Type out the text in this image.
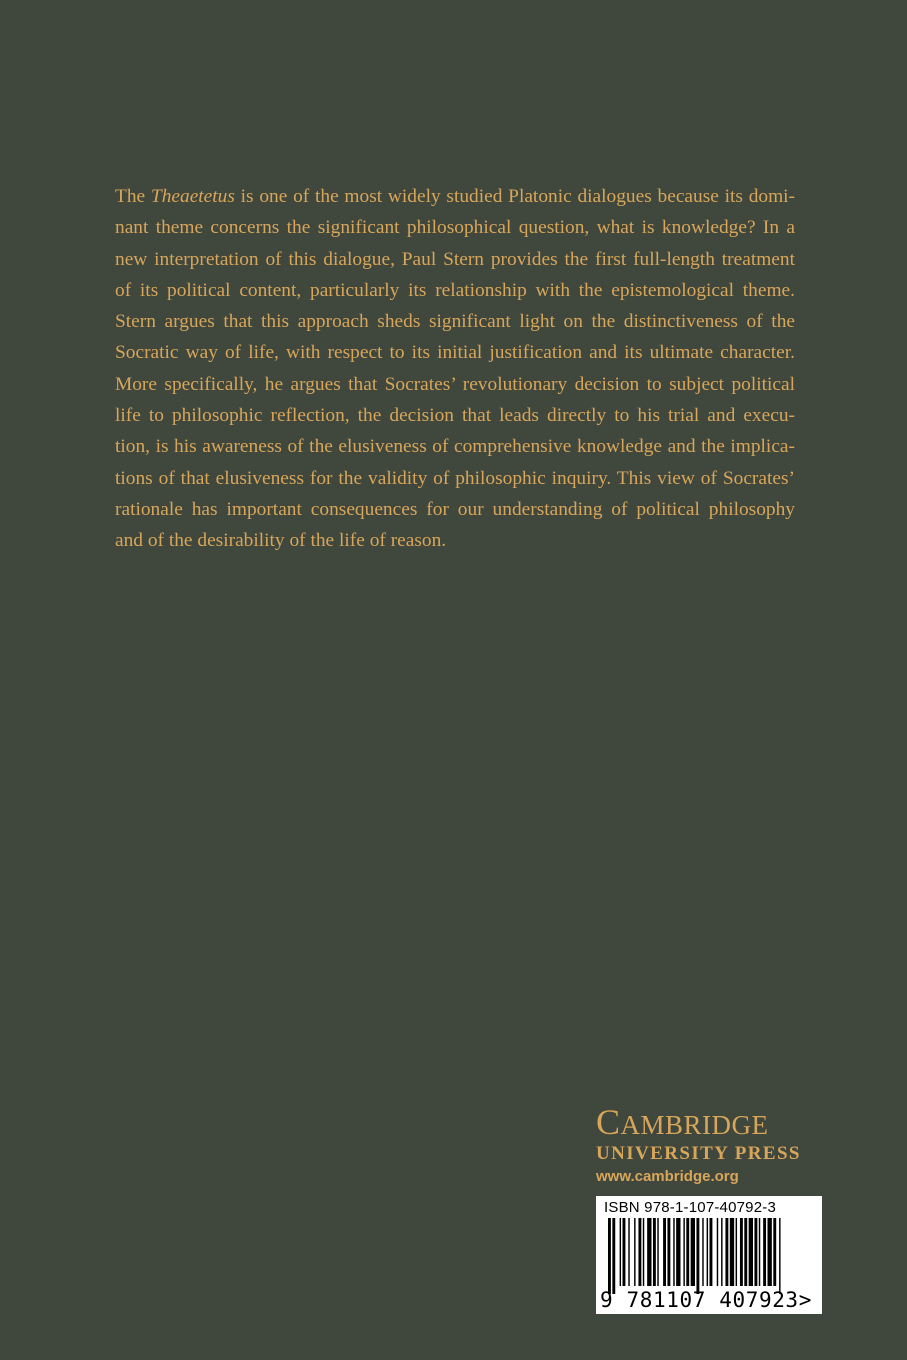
The Theaetetus is one of the most widely studied Platonic dialogues because its domi-
nant theme concerns the significant philosophical question, what is knowledge? In a
new interpretation of this dialogue, Paul Stern provides the first full-length treatment
of its political content, particularly its relationship with the epistemological theme.
Stern argues that this approach sheds significant light on the distinctiveness of the
Socratic way of life, with respect to its initial justification and its ultimate character.
More specifically, he argues that Socrates’ revolutionary decision to subject political
life to philosophic reflection, the decision that leads directly to his trial and execu-
tion, is his awareness of the elusiveness of comprehensive knowledge and the implica-
tions of that elusiveness for the validity of philosophic inquiry. This view of Socrates’
rationale has important consequences for our understanding of political philosophy
and of the desirability of the life of reason.
CAMBRIDGE
UNIVERSITY PRESS
www.cambridge.org
ISBN 978-1-107-40792-3
9 781107 407923>
